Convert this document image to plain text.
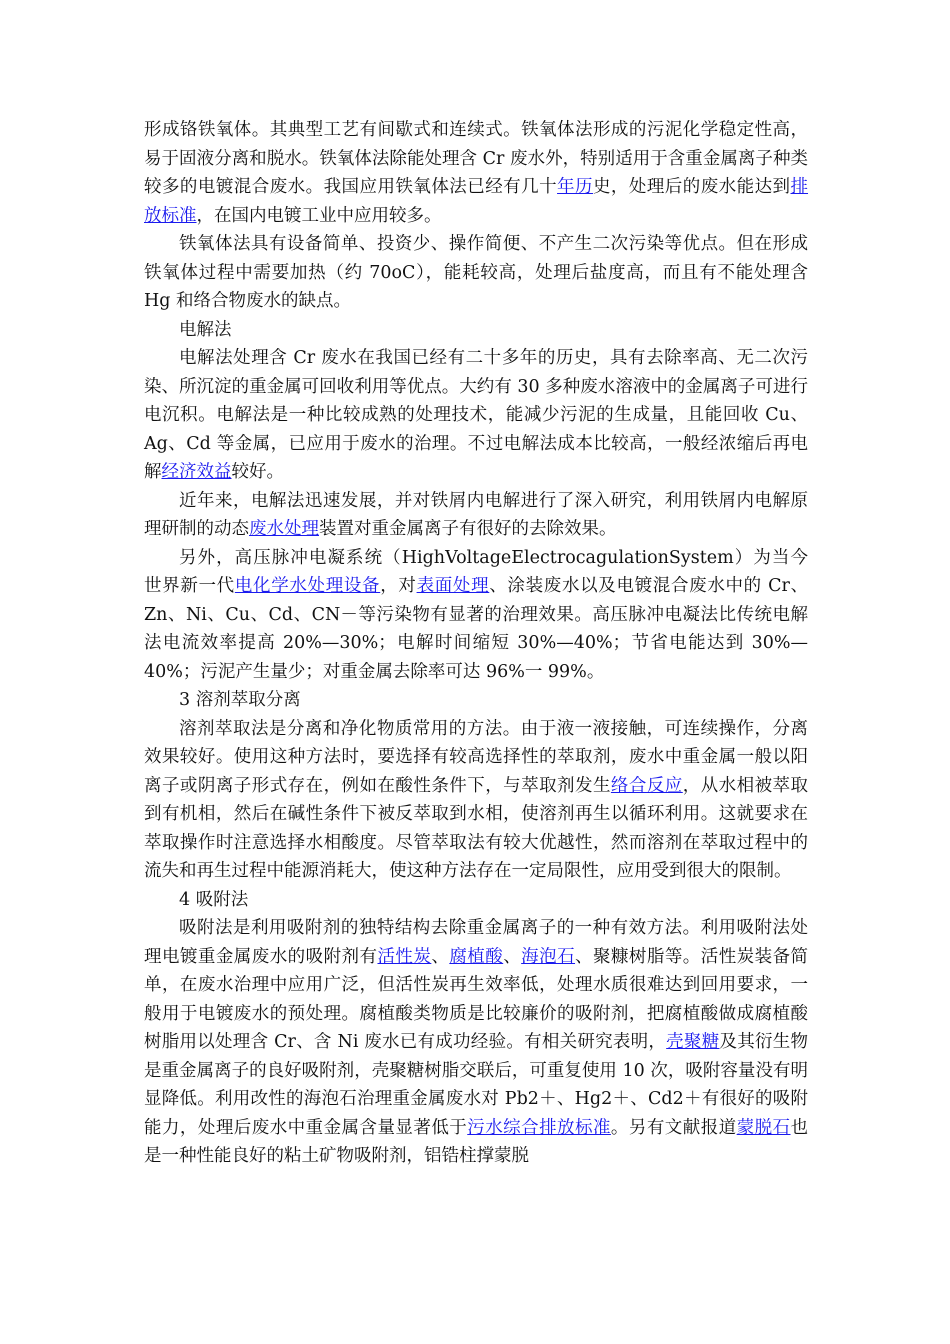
形成铬铁氧体。其典型工艺有间歇式和连续式。铁氧体法形成的污泥化学稳定性高，易于固液分离和脱水。铁氧体法除能处理含 Cr 废水外，特别适用于含重金属离子种类较多的电镀混合废水。我国应用铁氧体法已经有几十年历史，处理后的废水能达到排放标准，在国内电镀工业中应用较多。

铁氧体法具有设备简单、投资少、操作简便、不产生二次污染等优点。但在形成铁氧体过程中需要加热（约 70oC），能耗较高，处理后盐度高，而且有不能处理含 Hg 和络合物废水的缺点。

电解法

电解法处理含 Cr 废水在我国已经有二十多年的历史，具有去除率高、无二次污染、所沉淀的重金属可回收利用等优点。大约有 30 多种废水溶液中的金属离子可进行电沉积。电解法是一种比较成熟的处理技术，能减少污泥的生成量，且能回收 Cu、Ag、Cd 等金属，已应用于废水的治理。不过电解法成本比较高，一般经浓缩后再电解经济效益较好。

近年来，电解法迅速发展，并对铁屑内电解进行了深入研究，利用铁屑内电解原理研制的动态废水处理装置对重金属离子有很好的去除效果。

另外，高压脉冲电凝系统（HighVoltageElectrocagulationSystem）为当今世界新一代电化学水处理设备，对表面处理、涂装废水以及电镀混合废水中的 Cr、Zn、Ni、Cu、Cd、CN－等污染物有显著的治理效果。高压脉冲电凝法比传统电解法电流效率提高 20%—30%；电解时间缩短 30%—40%；节省电能达到 30%—40%；污泥产生量少；对重金属去除率可达 96%一 99%。

3 溶剂萃取分离

溶剂萃取法是分离和净化物质常用的方法。由于液一液接触，可连续操作，分离效果较好。使用这种方法时，要选择有较高选择性的萃取剂，废水中重金属一般以阳离子或阴离子形式存在，例如在酸性条件下，与萃取剂发生络合反应，从水相被萃取到有机相，然后在碱性条件下被反萃取到水相，使溶剂再生以循环利用。这就要求在萃取操作时注意选择水相酸度。尽管萃取法有较大优越性，然而溶剂在萃取过程中的流失和再生过程中能源消耗大，使这种方法存在一定局限性，应用受到很大的限制。

4 吸附法

吸附法是利用吸附剂的独特结构去除重金属离子的一种有效方法。利用吸附法处理电镀重金属废水的吸附剂有活性炭、腐植酸、海泡石、聚糠树脂等。活性炭装备简单，在废水治理中应用广泛，但活性炭再生效率低，处理水质很难达到回用要求，一般用于电镀废水的预处理。腐植酸类物质是比较廉价的吸附剂，把腐植酸做成腐植酸树脂用以处理含 Cr、含 Ni 废水已有成功经验。有相关研究表明，壳聚糖及其衍生物是重金属离子的良好吸附剂，壳聚糖树脂交联后，可重复使用 10 次，吸附容量没有明显降低。利用改性的海泡石治理重金属废水对 Pb2＋、Hg2＋、Cd2＋有很好的吸附能力，处理后废水中重金属含量显著低于污水综合排放标准。另有文献报道蒙脱石也是一种性能良好的粘土矿物吸附剂，铝锆柱撑蒙脱
